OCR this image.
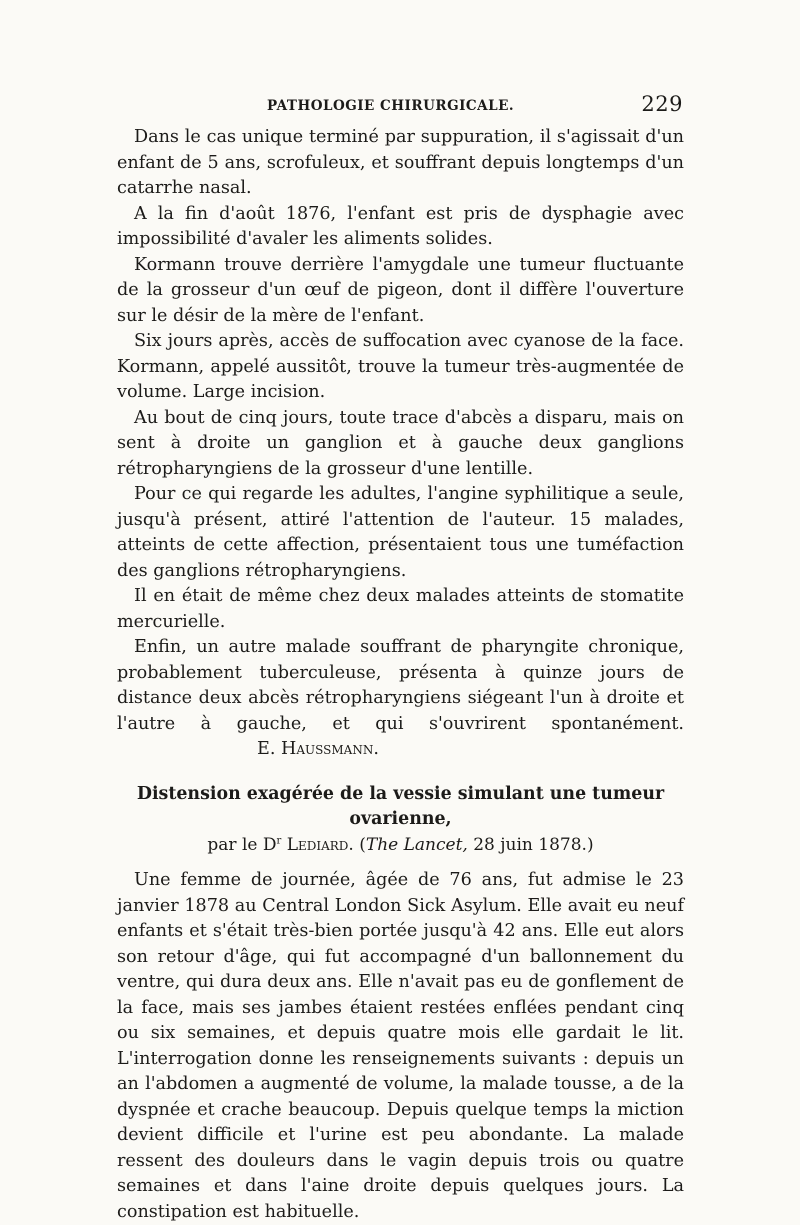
PATHOLOGIE CHIRURGICALE.	229

Dans le cas unique terminé par suppuration, il s'agissait d'un enfant de 5 ans, scrofuleux, et souffrant depuis longtemps d'un catarrhe nasal.

A la fin d'août 1876, l'enfant est pris de dysphagie avec impossibilité d'avaler les aliments solides.

Kormann trouve derrière l'amygdale une tumeur fluctuante de la grosseur d'un œuf de pigeon, dont il diffère l'ouverture sur le désir de la mère de l'enfant.

Six jours après, accès de suffocation avec cyanose de la face. Kormann, appelé aussitôt, trouve la tumeur très-augmentée de volume. Large incision.

Au bout de cinq jours, toute trace d'abcès a disparu, mais on sent à droite un ganglion et à gauche deux ganglions rétropharyngiens de la grosseur d'une lentille.

Pour ce qui regarde les adultes, l'angine syphilitique a seule, jusqu'à présent, attiré l'attention de l'auteur. 15 malades, atteints de cette affection, présentaient tous une tuméfaction des ganglions rétropharyngiens.

Il en était de même chez deux malades atteints de stomatite mercurielle.

Enfin, un autre malade souffrant de pharyngite chronique, probablement tuberculeuse, présenta à quinze jours de distance deux abcès rétropharyngiens siégeant l'un à droite et l'autre à gauche, et qui s'ouvrirent spontanément. E. Haussmann.

Distension exagérée de la vessie simulant une tumeur ovarienne,
par le $D^r$ Lediard. (The Lancet, 28 juin 1878.)

Une femme de journée, âgée de 76 ans, fut admise le 23 janvier 1878 au Central London Sick Asylum. Elle avait eu neuf enfants et s'était très-bien portée jusqu'à 42 ans. Elle eut alors son retour d'âge, qui fut accompagné d'un ballonnement du ventre, qui dura deux ans. Elle n'avait pas eu de gonflement de la face, mais ses jambes étaient restées enflées pendant cinq ou six semaines, et depuis quatre mois elle gardait le lit. L'interrogation donne les renseignements suivants : depuis un an l'abdomen a augmenté de volume, la malade tousse, a de la dyspnée et crache beaucoup. Depuis quelque temps la miction devient difficile et l'urine est peu abondante. La malade ressent des douleurs dans le vagin depuis trois ou quatre semaines et dans l'aine droite depuis quelques jours. La constipation est habituelle.
